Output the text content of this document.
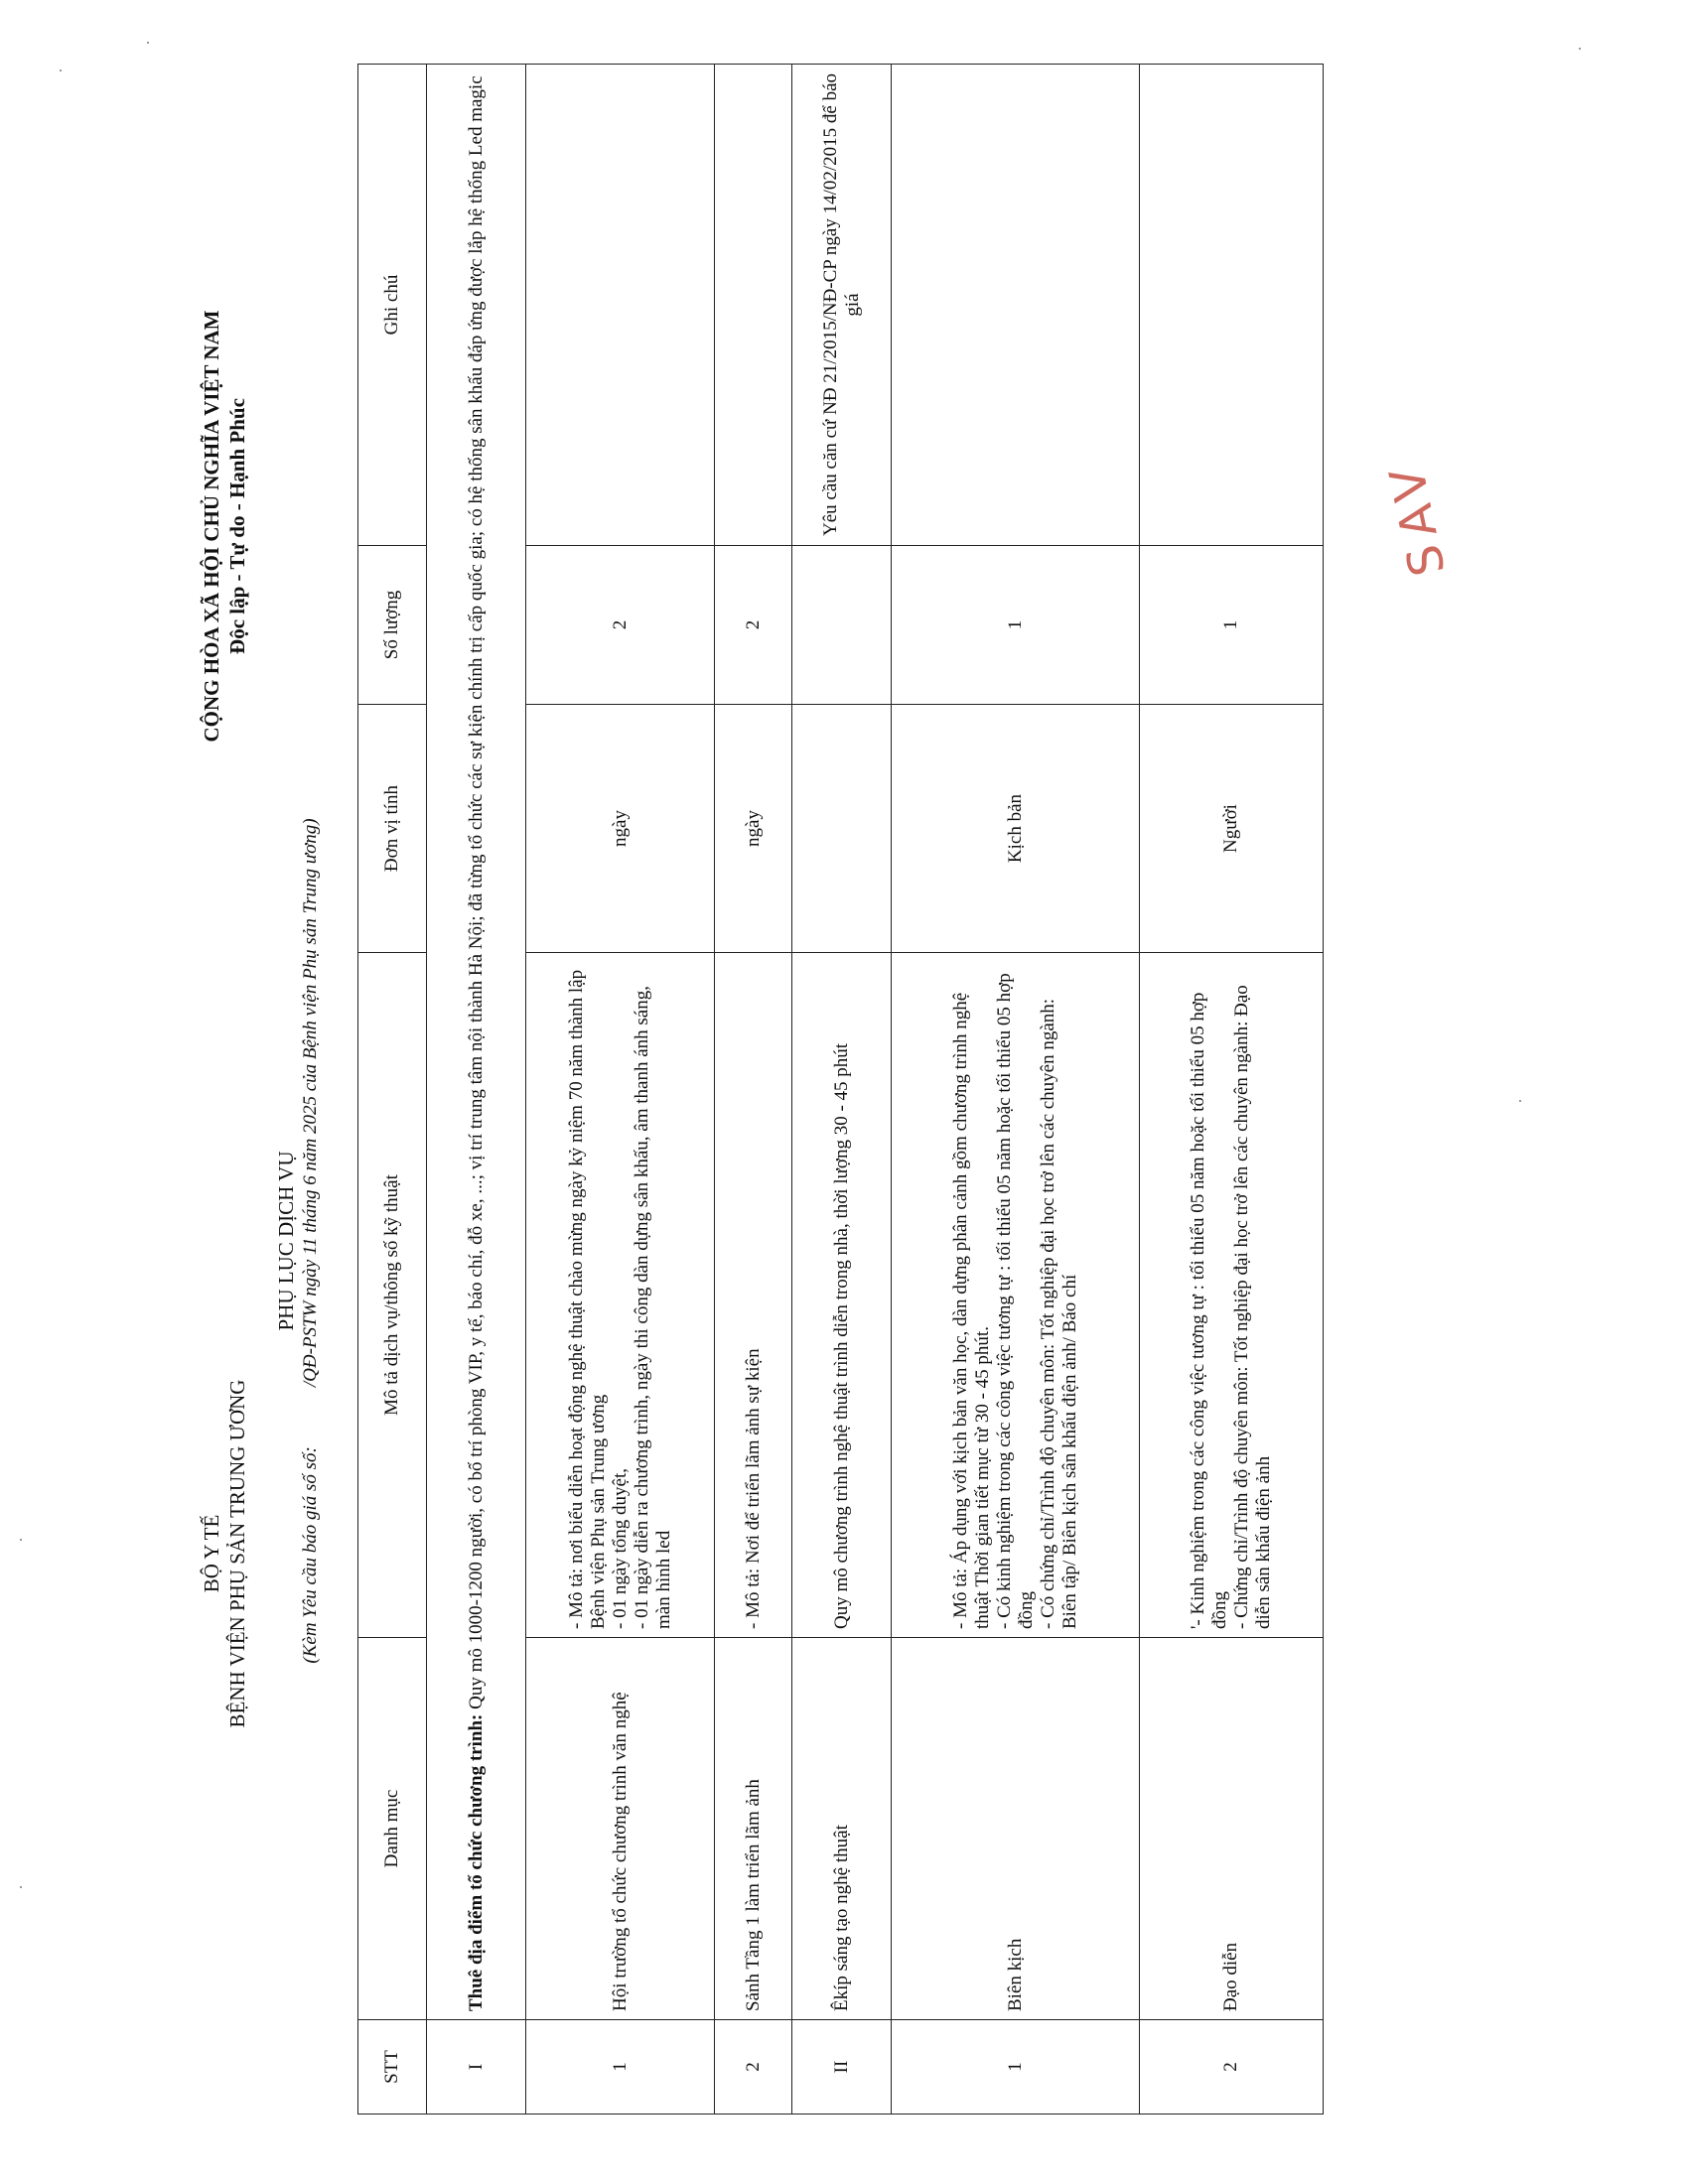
BỘ Y TẾ BỆNH VIỆN PHỤ SẢN TRUNG ƯƠNG
CỘNG HÒA XÃ HỘI CHỦ NGHĨA VIỆT NAM Độc lập - Tự do - Hạnh Phúc
PHỤ LỤC DỊCH VỤ
(Kèm Yêu cầu báo giá số số:/QĐ-PSTW ngày 11 tháng 6 năm 2025 của Bệnh viện Phụ sản Trung ương)
STT	Danh mục	Mô tả dịch vụ/thông số kỹ thuật	Đơn vị tính	Số lượng	Ghi chú
I	Thuê địa điểm tổ chức chương trình: Quy mô 1000-1200 người, có bố trí phòng VIP, y tế, báo chí, đỗ xe, ...; vị trí trung tâm nội thành Hà Nội; đã từng tổ chức các sự kiện chính trị cấp quốc gia; có hệ thống sân khấu đáp ứng được lắp hệ thống Led magic				
1	Hội trường tổ chức chương trình văn nghệ	- Mô tả: nơi biểu diễn hoạt động nghệ thuật chào mừng ngày kỷ niệm 70 năm thành lập Bệnh viện Phụ sản Trung ương - 01 ngày tổng duyệt, - 01 ngày diễn ra chương trình, ngày thi công dàn dựng sân khấu, âm thanh ánh sáng, màn hình led	ngày	2	
2	Sảnh Tầng 1 làm triển lãm ảnh	- Mô tả: Nơi để triển lãm ảnh sự kiện	ngày	2	
II	Êkíp sáng tạo nghệ thuật	Quy mô chương trình nghệ thuật trình diễn trong nhà, thời lượng 30 - 45 phút			Yêu cầu căn cứ NĐ 21/2015/NĐ-CP ngày 14/02/2015 để báo giá
1	Biên kịch	- Mô tả: Áp dụng với kịch bản văn học, dàn dựng phân cảnh gồm chương trình nghệ thuật Thời gian tiết mục từ 30 - 45 phút. - Có kinh nghiệm trong các công việc tương tự : tối thiểu 05 năm hoặc tối thiểu 05 hợp đồng - Có chứng chỉ/Trình độ chuyên môn: Tốt nghiệp đại học trở lên các chuyên ngành: Biên tập/ Biên kịch sân khấu điện ảnh/ Báo chí	Kịch bản	1	
2	Đạo diễn	'- Kinh nghiệm trong các công việc tương tự : tối thiểu 05 năm hoặc tối thiểu 05 hợp đồng - Chứng chỉ/Trình độ chuyên môn: Tốt nghiệp đại học trở lên các chuyên ngành: Đạo diễn sân khấu điện ảnh	Người	1	
SAV
